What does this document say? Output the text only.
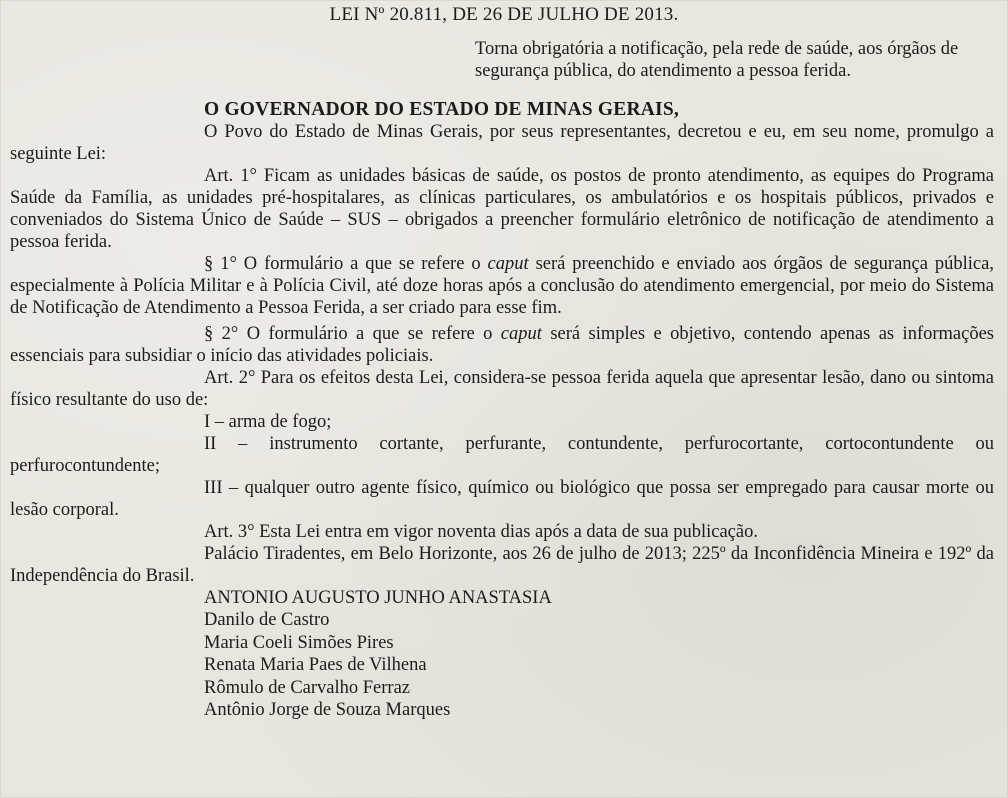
LEI Nº 20.811, DE 26 DE JULHO DE 2013.
Torna obrigatória a notificação, pela rede de saúde, aos órgãos de segurança pública, do atendimento a pessoa ferida.
O GOVERNADOR DO ESTADO DE MINAS GERAIS,

O Povo do Estado de Minas Gerais, por seus representantes, decretou e eu, em seu nome, promulgo a seguinte Lei:

Art. 1° Ficam as unidades básicas de saúde, os postos de pronto atendimento, as equipes do Programa Saúde da Família, as unidades pré-hospitalares, as clínicas particulares, os ambulatórios e os hospitais públicos, privados e conveniados do Sistema Único de Saúde – SUS – obrigados a preencher formulário eletrônico de notificação de atendimento a pessoa ferida.

§ 1° O formulário a que se refere o caput será preenchido e enviado aos órgãos de segurança pública, especialmente à Polícia Militar e à Polícia Civil, até doze horas após a conclusão do atendimento emergencial, por meio do Sistema de Notificação de Atendimento a Pessoa Ferida, a ser criado para esse fim.

§ 2° O formulário a que se refere o caput será simples e objetivo, contendo apenas as informações essenciais para subsidiar o início das atividades policiais.

Art. 2° Para os efeitos desta Lei, considera-se pessoa ferida aquela que apresentar lesão, dano ou sintoma físico resultante do uso de:

I – arma de fogo;

II – instrumento cortante, perfurante, contundente, perfurocortante, cortocontundente ou perfurocontundente;

III – qualquer outro agente físico, químico ou biológico que possa ser empregado para causar morte ou lesão corporal.

Art. 3° Esta Lei entra em vigor noventa dias após a data de sua publicação.

Palácio Tiradentes, em Belo Horizonte, aos 26 de julho de 2013; 225º da Inconfidência Mineira e 192º da Independência do Brasil.

ANTONIO AUGUSTO JUNHO ANASTASIA
Danilo de Castro
Maria Coeli Simões Pires
Renata Maria Paes de Vilhena
Rômulo de Carvalho Ferraz
Antônio Jorge de Souza Marques
